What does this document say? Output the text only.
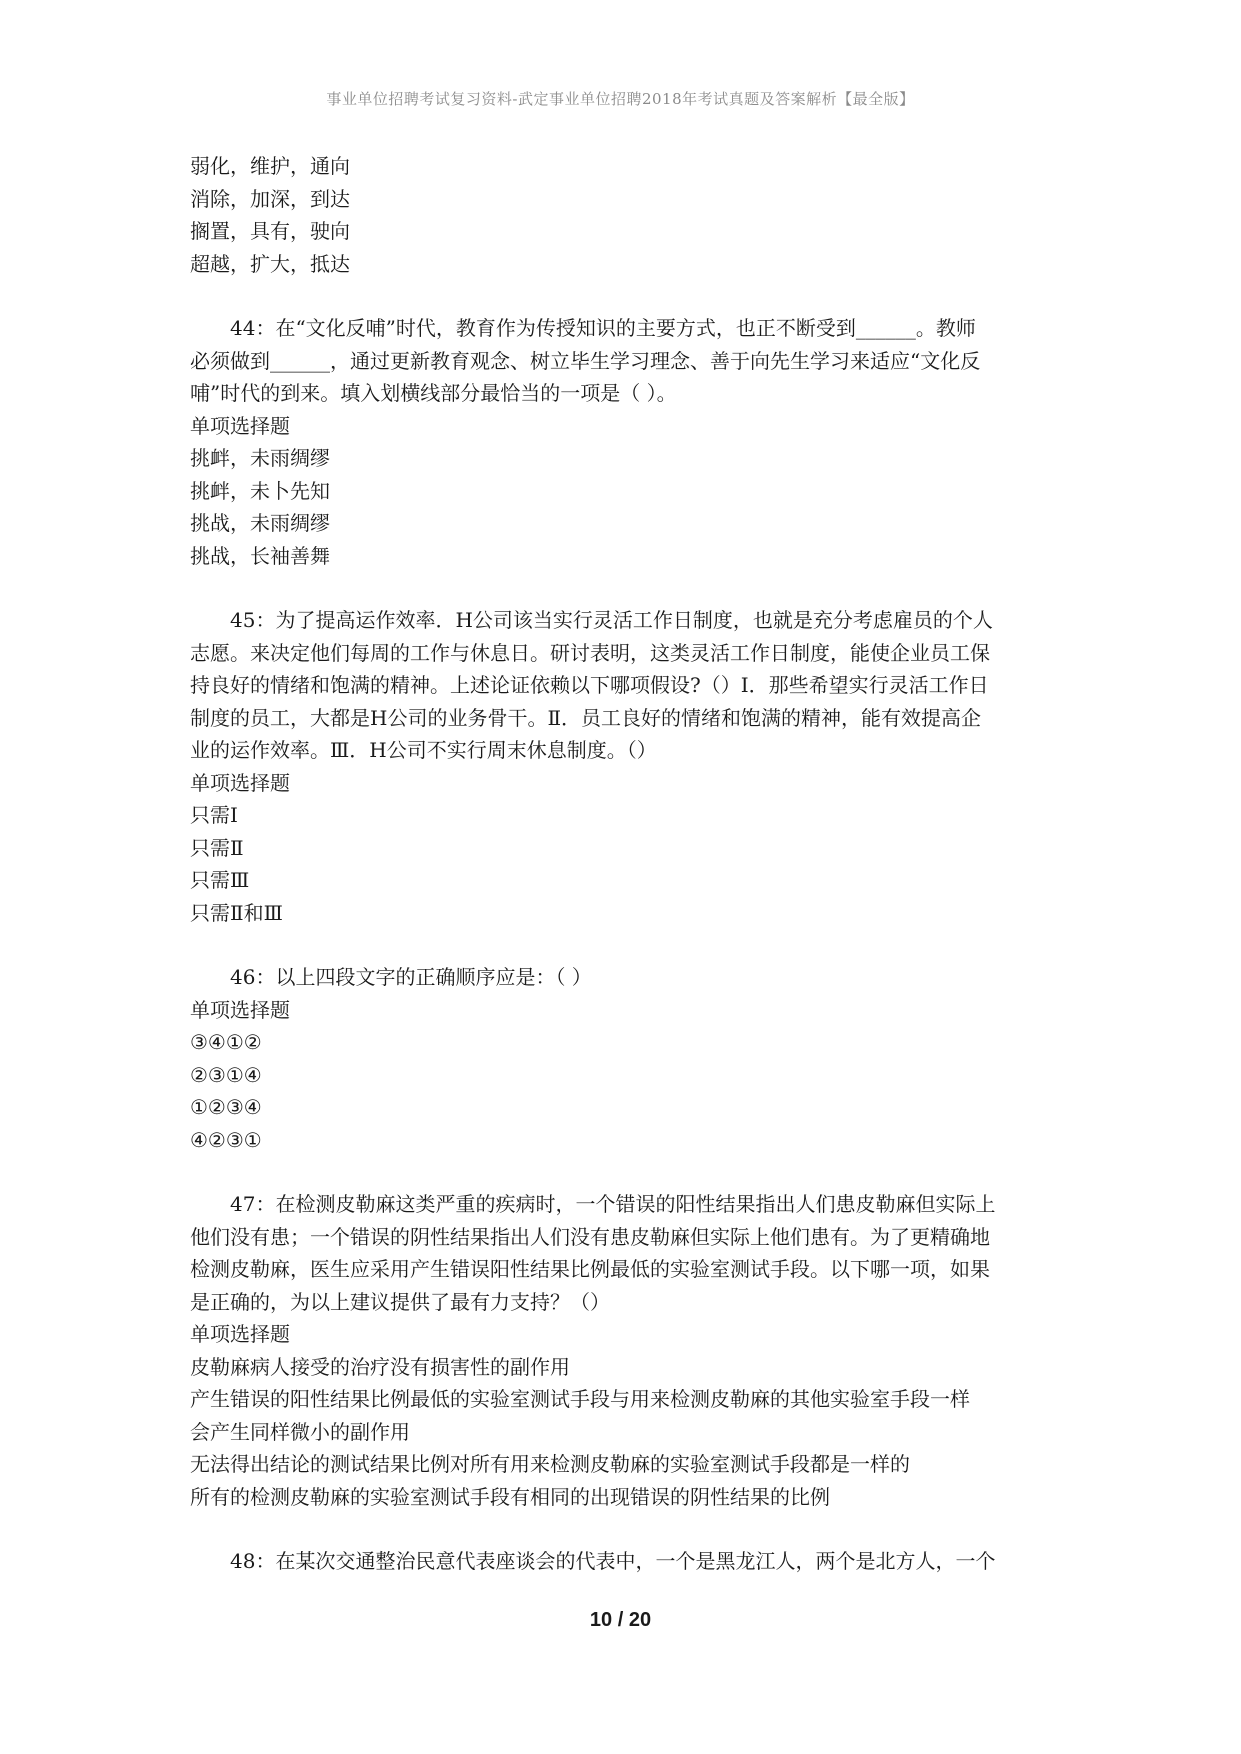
事业单位招聘考试复习资料-武定事业单位招聘2018年考试真题及答案解析【最全版】
弱化，维护，通向
消除，加深，到达
搁置，具有，驶向
超越，扩大，抵达
44：在“文化反哺”时代，教育作为传授知识的主要方式，也正不断受到______。教师
必须做到______，通过更新教育观念、树立毕生学习理念、善于向先生学习来适应“文化反
哺”时代的到来。填入划横线部分最恰当的一项是（ ）。
单项选择题
挑衅，未雨绸缪
挑衅，未卜先知
挑战，未雨绸缪
挑战，长袖善舞
45：为了提高运作效率．H公司该当实行灵活工作日制度，也就是充分考虑雇员的个人
志愿。来决定他们每周的工作与休息日。研讨表明，这类灵活工作日制度，能使企业员工保
持良好的情绪和饱满的精神。上述论证依赖以下哪项假设?（）I．那些希望实行灵活工作日
制度的员工，大都是H公司的业务骨干。Ⅱ．员工良好的情绪和饱满的精神，能有效提高企
业的运作效率。Ⅲ．H公司不实行周末休息制度。（）
单项选择题
只需Ⅰ
只需Ⅱ
只需Ⅲ
只需Ⅱ和Ⅲ
46：以上四段文字的正确顺序应是：（ ）
单项选择题
③④①②
②③①④
①②③④
④②③①
47：在检测皮勒麻这类严重的疾病时，一个错误的阳性结果指出人们患皮勒麻但实际上
他们没有患；一个错误的阴性结果指出人们没有患皮勒麻但实际上他们患有。为了更精确地
检测皮勒麻，医生应采用产生错误阳性结果比例最低的实验室测试手段。以下哪一项，如果
是正确的，为以上建议提供了最有力支持？（）
单项选择题
皮勒麻病人接受的治疗没有损害性的副作用
产生错误的阳性结果比例最低的实验室测试手段与用来检测皮勒麻的其他实验室手段一样
会产生同样微小的副作用
无法得出结论的测试结果比例对所有用来检测皮勒麻的实验室测试手段都是一样的
所有的检测皮勒麻的实验室测试手段有相同的出现错误的阴性结果的比例
48：在某次交通整治民意代表座谈会的代表中，一个是黑龙江人，两个是北方人，一个
10 / 20
